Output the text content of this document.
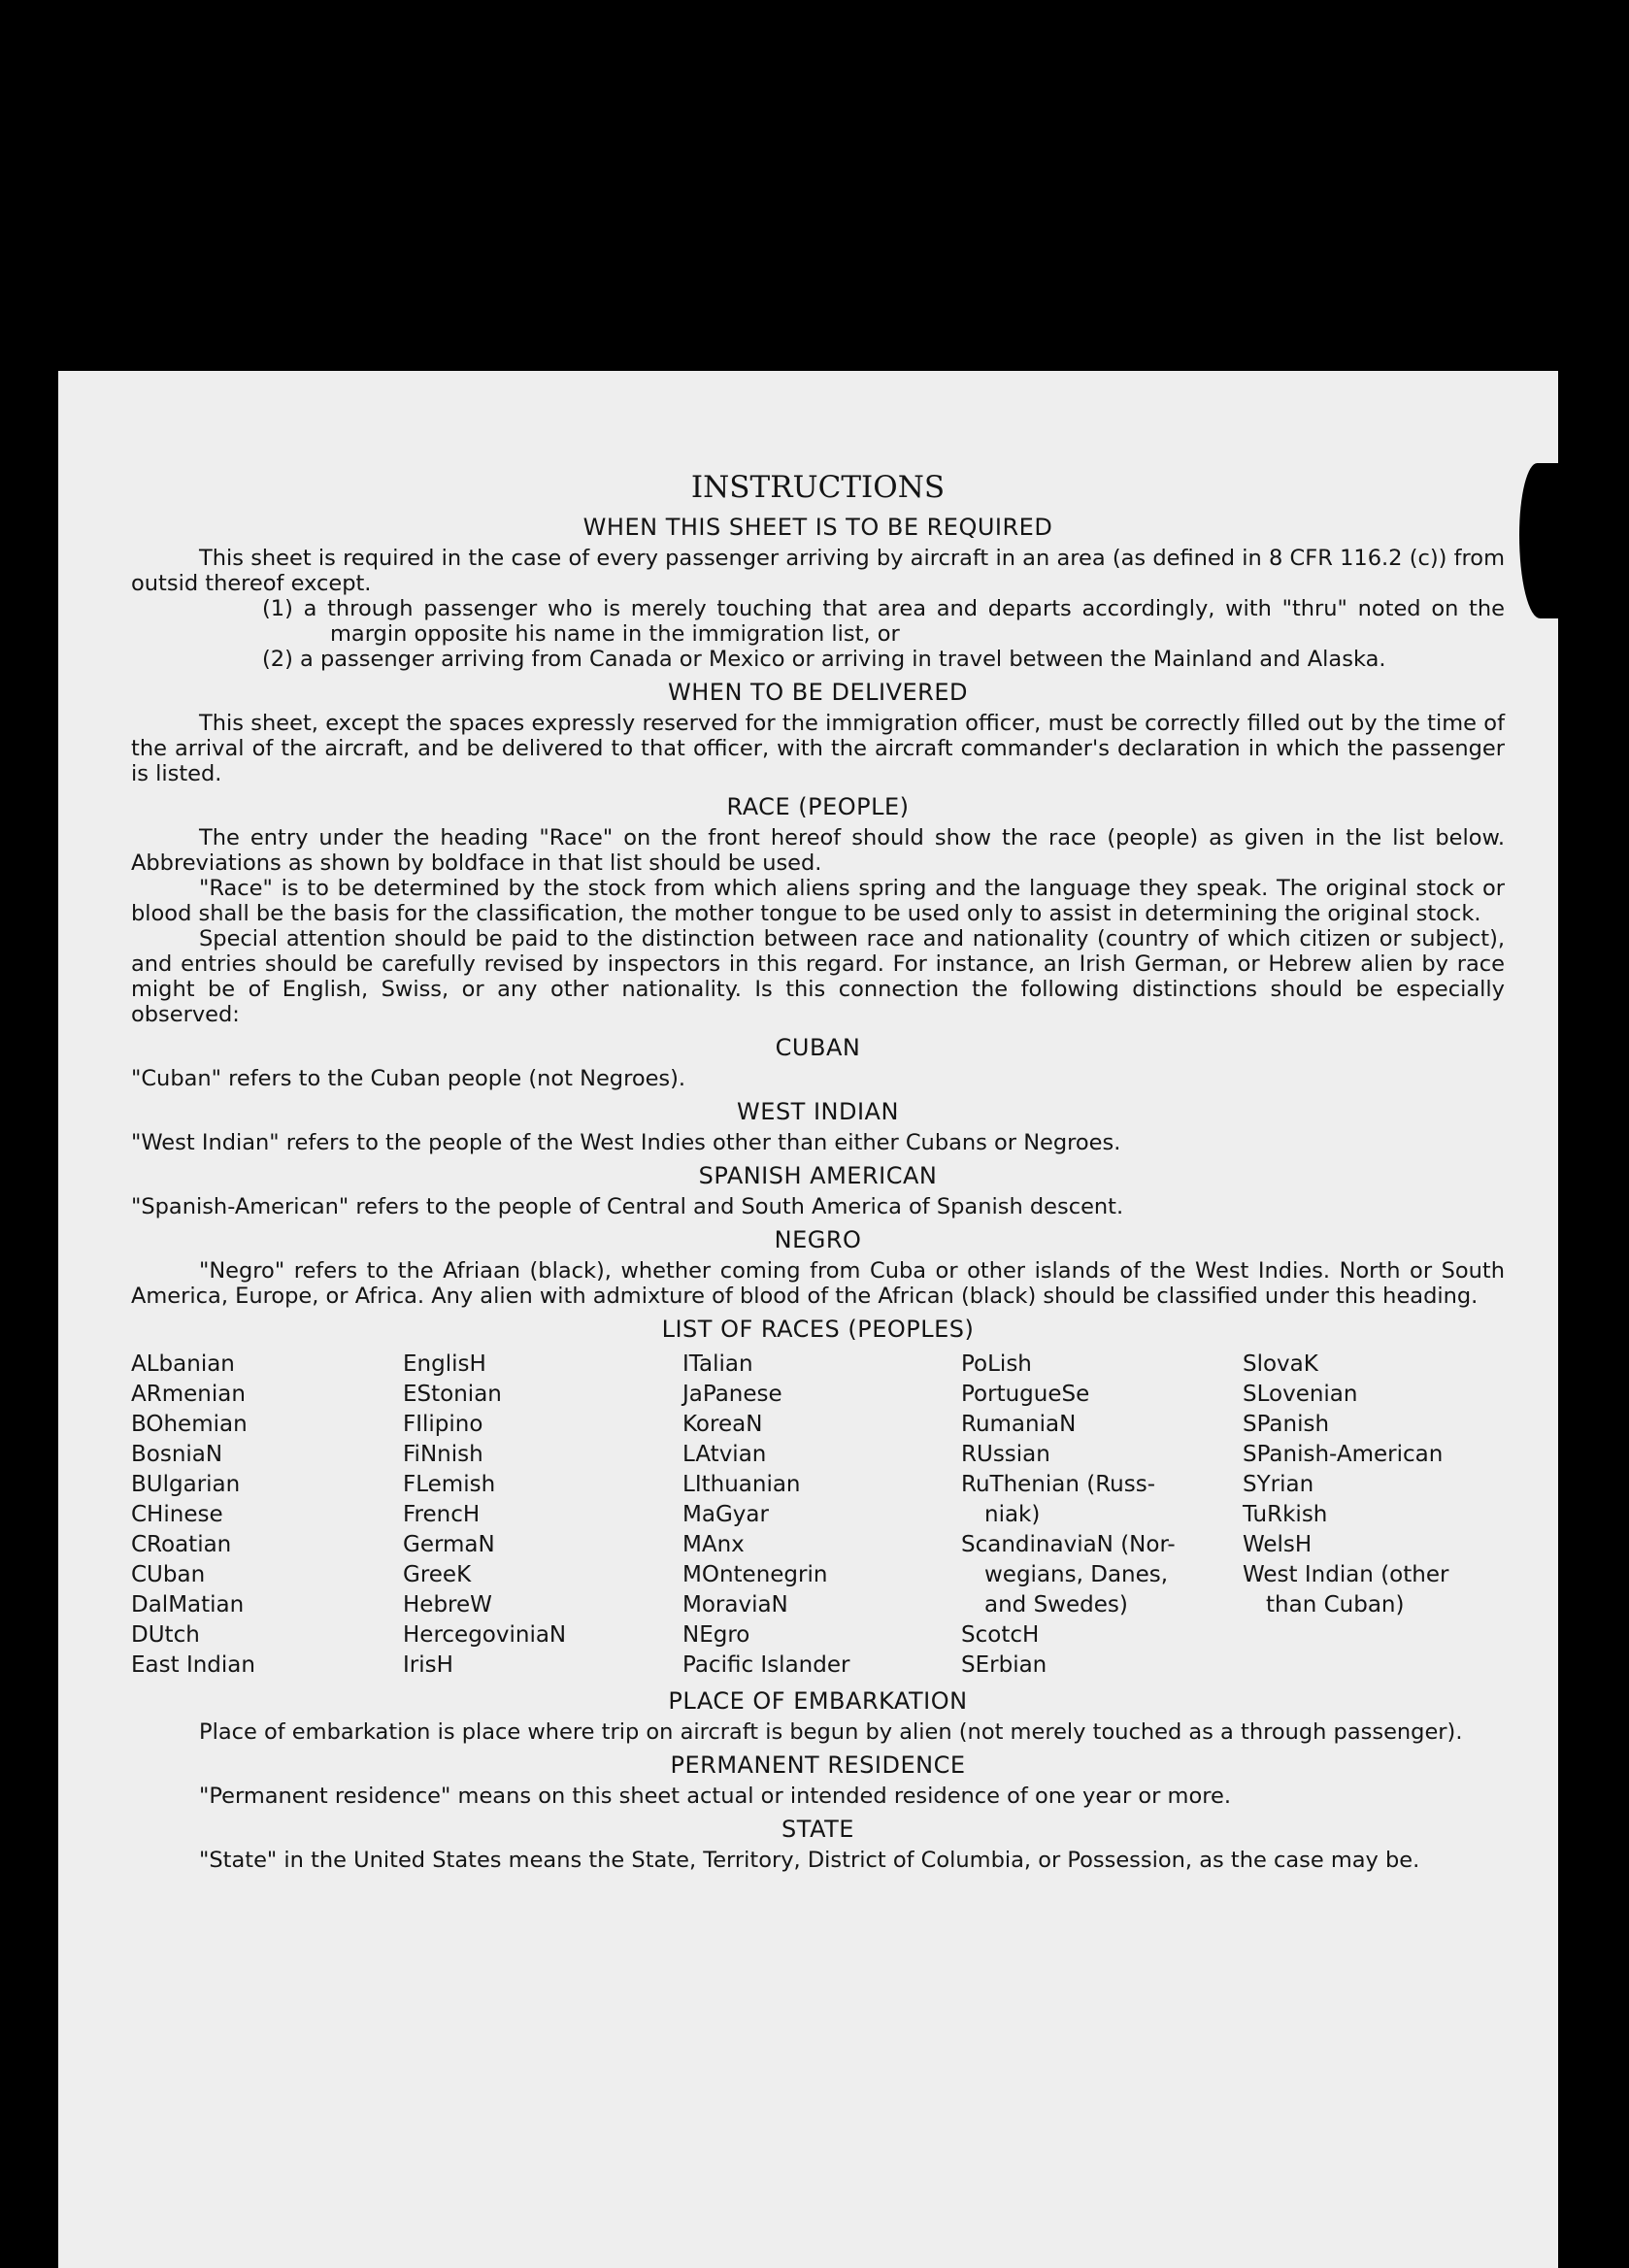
INSTRUCTIONS
WHEN THIS SHEET IS TO BE REQUIRED

This sheet is required in the case of every passenger arriving by aircraft in an area (as defined in 8 CFR 116.2 (c)) from outsid thereof except.

(1) a through passenger who is merely touching that area and departs accordingly, with "thru" noted on the margin opposite his name in the immigration list, or

(2) a passenger arriving from Canada or Mexico or arriving in travel between the Mainland and Alaska.

WHEN TO BE DELIVERED

This sheet, except the spaces expressly reserved for the immigration officer, must be correctly filled out by the time of the arrival of the aircraft, and be delivered to that officer, with the aircraft commander's declaration in which the passenger is listed.

RACE (PEOPLE)

The entry under the heading "Race" on the front hereof should show the race (people) as given in the list below. Abbreviations as shown by boldface in that list should be used.

"Race" is to be determined by the stock from which aliens spring and the language they speak. The original stock or blood shall be the basis for the classification, the mother tongue to be used only to assist in determining the original stock.

Special attention should be paid to the distinction between race and nationality (country of which citizen or subject), and entries should be carefully revised by inspectors in this regard. For instance, an Irish German, or Hebrew alien by race might be of English, Swiss, or any other nationality. Is this connection the following distinctions should be especially observed:

CUBAN

"Cuban" refers to the Cuban people (not Negroes).

WEST INDIAN

"West Indian" refers to the people of the West Indies other than either Cubans or Negroes.

SPANISH AMERICAN

"Spanish-American" refers to the people of Central and South America of Spanish descent.

NEGRO

"Negro" refers to the Afriaan (black), whether coming from Cuba or other islands of the West Indies. North or South America, Europe, or Africa. Any alien with admixture of blood of the African (black) should be classified under this heading.

LIST OF RACES (PEOPLES)
ALbanian
ARmenian
BOhemian
BosniaN
BUlgarian
CHinese
CRoatian
CUban
DalMatian
DUtch
East Indian
EnglisH
EStonian
FIlipino
FiNnish
FLemish
FrencH
GermaN
GreeK
HebreW
HercegoviniaN
IrisH
ITalian
JaPanese
KoreaN
LAtvian
LIthuanian
MaGyar
MAnx
MOntenegrin
MoraviaN
NEgro
Pacific Islander
PoLish
PortugueSe
RumaniaN
RUssian
RuThenian (Russ-
niak)
ScandinaviaN (Nor-
wegians, Danes,
and Swedes)
ScotcH
SErbian
SlovaK
SLovenian
SPanish
SPanish-American
SYrian
TuRkish
WelsH
West Indian (other
than Cuban)
PLACE OF EMBARKATION

Place of embarkation is place where trip on aircraft is begun by alien (not merely touched as a through passenger).

PERMANENT RESIDENCE

"Permanent residence" means on this sheet actual or intended residence of one year or more.

STATE

"State" in the United States means the State, Territory, District of Columbia, or Possession, as the case may be.
